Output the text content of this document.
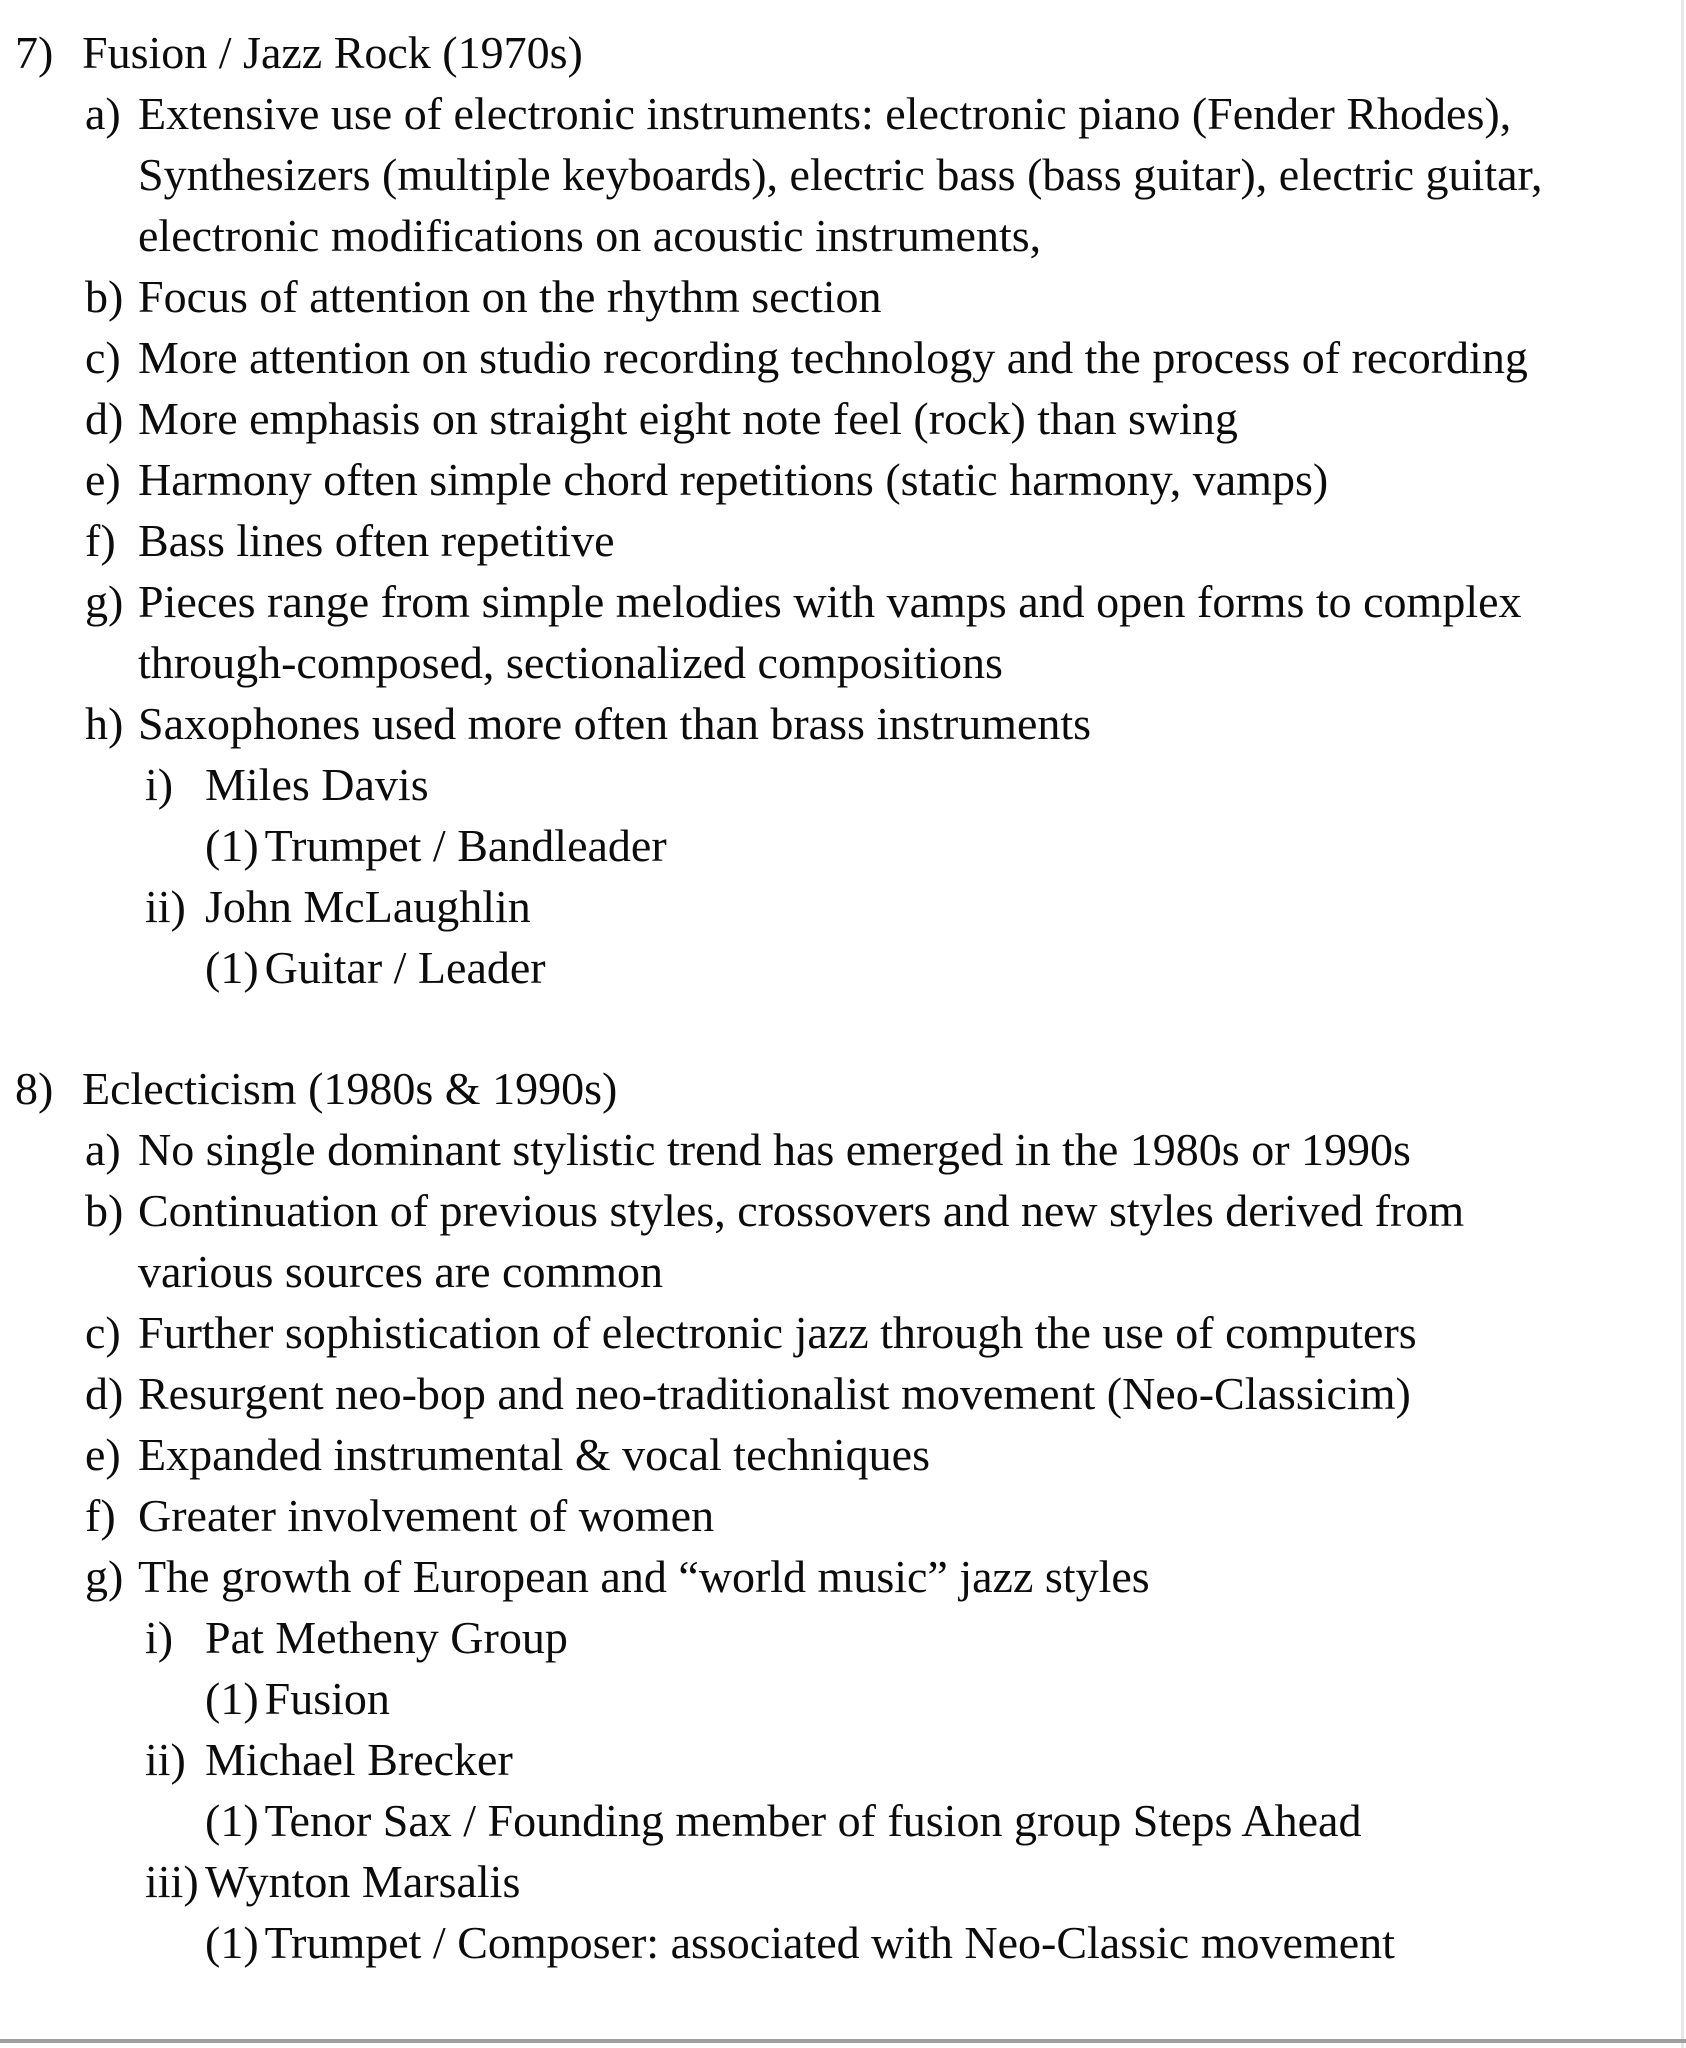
7) Fusion / Jazz Rock (1970s)
a) Extensive use of electronic instruments: electronic piano (Fender Rhodes),
Synthesizers (multiple keyboards), electric bass (bass guitar), electric guitar,
electronic modifications on acoustic instruments,
b) Focus of attention on the rhythm section
c) More attention on studio recording technology and the process of recording
d) More emphasis on straight eight note feel (rock) than swing
e) Harmony often simple chord repetitions (static harmony, vamps)
f) Bass lines often repetitive
g) Pieces range from simple melodies with vamps and open forms to complex
through-composed, sectionalized compositions
h) Saxophones used more often than brass instruments
i) Miles Davis
(1) Trumpet / Bandleader
ii) John McLaughlin
(1) Guitar / Leader
8) Eclecticism (1980s & 1990s)
a) No single dominant stylistic trend has emerged in the 1980s or 1990s
b) Continuation of previous styles, crossovers and new styles derived from
various sources are common
c) Further sophistication of electronic jazz through the use of computers
d) Resurgent neo-bop and neo-traditionalist movement (Neo-Classicim)
e) Expanded instrumental & vocal techniques
f) Greater involvement of women
g) The growth of European and “world music” jazz styles
i) Pat Metheny Group
(1) Fusion
ii) Michael Brecker
(1) Tenor Sax / Founding member of fusion group Steps Ahead
iii) Wynton Marsalis
(1) Trumpet / Composer: associated with Neo-Classic movement
